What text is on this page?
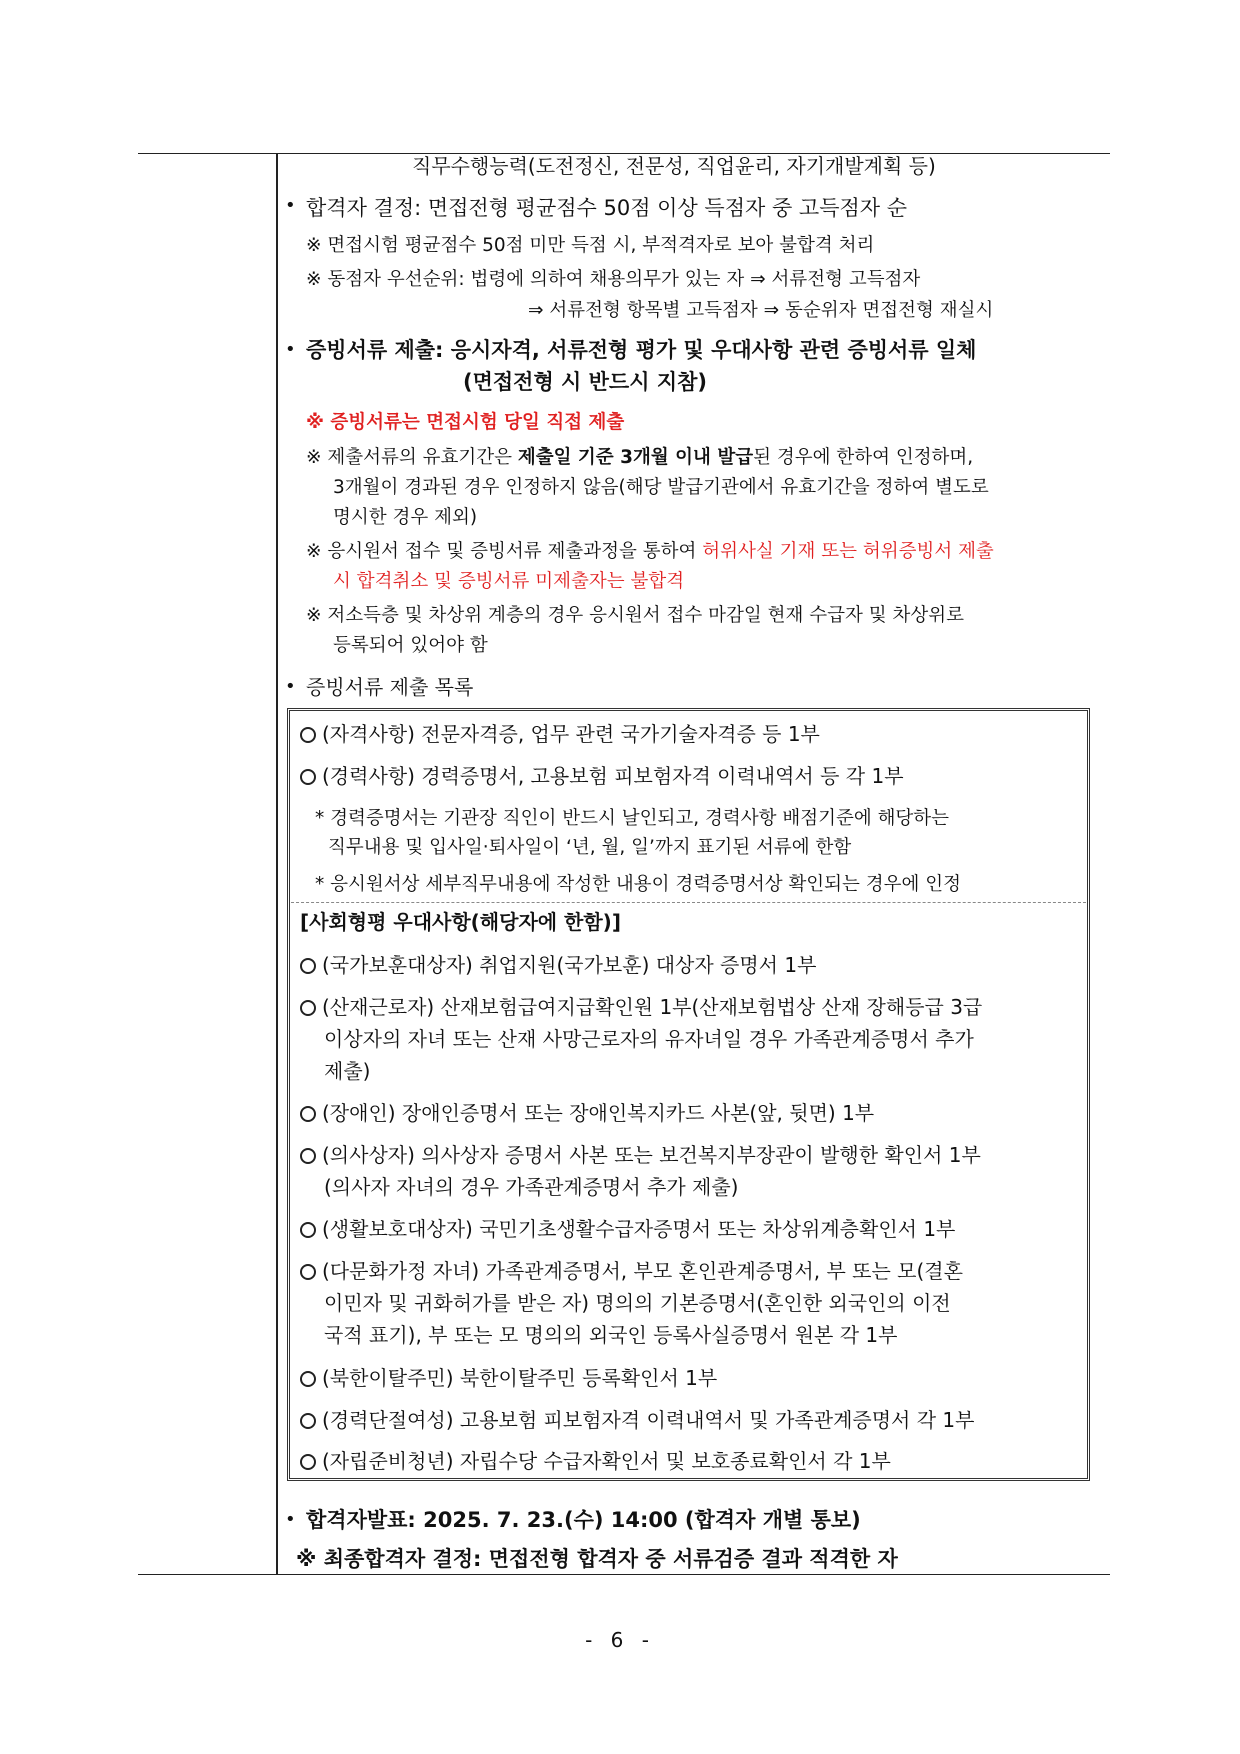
직무수행능력(도전정신, 전문성, 직업윤리, 자기개발계획 등)
• 합격자 결정: 면접전형 평균점수 50점 이상 득점자 중 고득점자 순
※ 면접시험 평균점수 50점 미만 득점 시, 부적격자로 보아 불합격 처리
※ 동점자 우선순위: 법령에 의하여 채용의무가 있는 자 ⇒ 서류전형 고득점자
⇒ 서류전형 항목별 고득점자 ⇒ 동순위자 면접전형 재실시
• 증빙서류 제출: 응시자격, 서류전형 평가 및 우대사항 관련 증빙서류 일체
(면접전형 시 반드시 지참)
※ 증빙서류는 면접시험 당일 직접 제출
※ 제출서류의 유효기간은 제출일 기준 3개월 이내 발급된 경우에 한하여 인정하며,
3개월이 경과된 경우 인정하지 않음(해당 발급기관에서 유효기간을 정하여 별도로
명시한 경우 제외)
※ 응시원서 접수 및 증빙서류 제출과정을 통하여 허위사실 기재 또는 허위증빙서 제출
시 합격취소 및 증빙서류 미제출자는 불합격
※ 저소득층 및 차상위 계층의 경우 응시원서 접수 마감일 현재 수급자 및 차상위로
등록되어 있어야 함
• 증빙서류 제출 목록
(자격사항) 전문자격증, 업무 관련 국가기술자격증 등 1부
(경력사항) 경력증명서, 고용보험 피보험자격 이력내역서 등 각 1부
* 경력증명서는 기관장 직인이 반드시 날인되고, 경력사항 배점기준에 해당하는
직무내용 및 입사일·퇴사일이 ‘년, 월, 일’까지 표기된 서류에 한함
* 응시원서상 세부직무내용에 작성한 내용이 경력증명서상 확인되는 경우에 인정
[사회형평 우대사항(해당자에 한함)]
(국가보훈대상자) 취업지원(국가보훈) 대상자 증명서 1부
(산재근로자) 산재보험급여지급확인원 1부(산재보험법상 산재 장해등급 3급
이상자의 자녀 또는 산재 사망근로자의 유자녀일 경우 가족관계증명서 추가
제출)
(장애인) 장애인증명서 또는 장애인복지카드 사본(앞, 뒷면) 1부
(의사상자) 의사상자 증명서 사본 또는 보건복지부장관이 발행한 확인서 1부
(의사자 자녀의 경우 가족관계증명서 추가 제출)
(생활보호대상자) 국민기초생활수급자증명서 또는 차상위계층확인서 1부
(다문화가정 자녀) 가족관계증명서, 부모 혼인관계증명서, 부 또는 모(결혼
이민자 및 귀화허가를 받은 자) 명의의 기본증명서(혼인한 외국인의 이전
국적 표기), 부 또는 모 명의의 외국인 등록사실증명서 원본 각 1부
(북한이탈주민) 북한이탈주민 등록확인서 1부
(경력단절여성) 고용보험 피보험자격 이력내역서 및 가족관계증명서 각 1부
(자립준비청년) 자립수당 수급자확인서 및 보호종료확인서 각 1부
• 합격자발표: 2025. 7. 23.(수) 14:00 (합격자 개별 통보)
※ 최종합격자 결정: 면접전형 합격자 중 서류검증 결과 적격한 자
- 6 -
